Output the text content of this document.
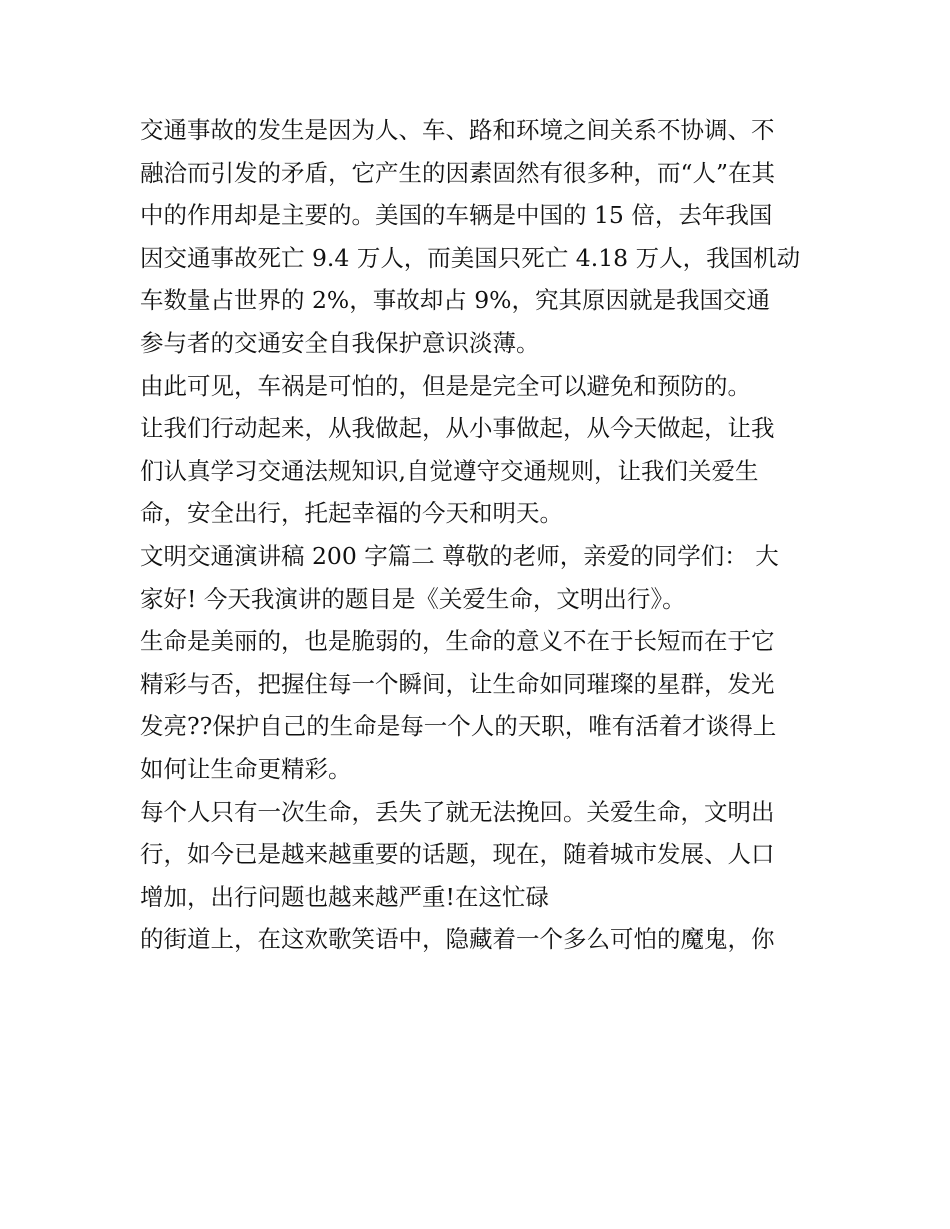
交通事故的发生是因为人、车、路和环境之间关系不协调、不
融洽而引发的矛盾，它产生的因素固然有很多种，而“人”在其
中的作用却是主要的。美国的车辆是中国的 15 倍，去年我国
因交通事故死亡 9.4 万人，而美国只死亡 4.18 万人，我国机动
车数量占世界的 2%，事故却占 9%，究其原因就是我国交通
参与者的交通安全自我保护意识淡薄。
由此可见，车祸是可怕的，但是是完全可以避免和预防的。
让我们行动起来，从我做起，从小事做起，从今天做起，让我
们认真学习交通法规知识,自觉遵守交通规则，让我们关爱生
命，安全出行，托起幸福的今天和明天。
文明交通演讲稿 200 字篇二 尊敬的老师，亲爱的同学们： 大
家好! 今天我演讲的题目是《关爱生命，文明出行》。
生命是美丽的，也是脆弱的，生命的意义不在于长短而在于它
精彩与否，把握住每一个瞬间，让生命如同璀璨的星群，发光
发亮??保护自己的生命是每一个人的天职，唯有活着才谈得上
如何让生命更精彩。
每个人只有一次生命，丢失了就无法挽回。关爱生命，文明出
行，如今已是越来越重要的话题，现在，随着城市发展、人口
增加，出行问题也越来越严重!在这忙碌
的街道上，在这欢歌笑语中，隐藏着一个多么可怕的魔鬼，你
